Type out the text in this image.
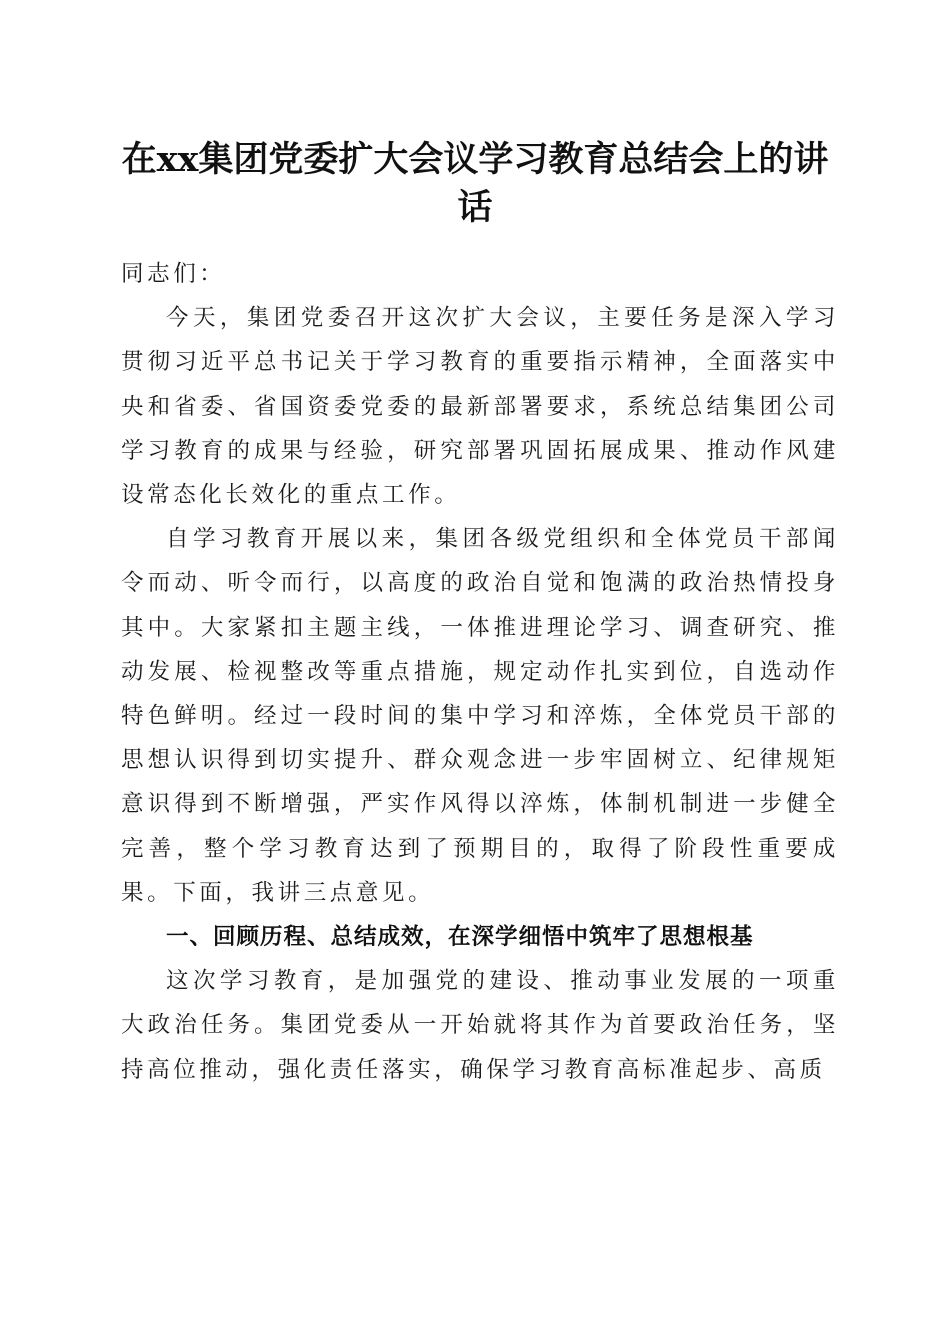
在xx集团党委扩大会议学习教育总结会上的讲话

同志们：

今天，集团党委召开这次扩大会议，主要任务是深入学习贯彻习近平总书记关于学习教育的重要指示精神，全面落实中央和省委、省国资委党委的最新部署要求，系统总结集团公司学习教育的成果与经验，研究部署巩固拓展成果、推动作风建设常态化长效化的重点工作。

自学习教育开展以来，集团各级党组织和全体党员干部闻令而动、听令而行，以高度的政治自觉和饱满的政治热情投身其中。大家紧扣主题主线，一体推进理论学习、调查研究、推动发展、检视整改等重点措施，规定动作扎实到位，自选动作特色鲜明。经过一段时间的集中学习和淬炼，全体党员干部的思想认识得到切实提升、群众观念进一步牢固树立、纪律规矩意识得到不断增强，严实作风得以淬炼，体制机制进一步健全完善，整个学习教育达到了预期目的，取得了阶段性重要成果。下面，我讲三点意见。

一、回顾历程、总结成效，在深学细悟中筑牢了思想根基

这次学习教育，是加强党的建设、推动事业发展的一项重大政治任务。集团党委从一开始就将其作为首要政治任务，坚持高位推动，强化责任落实，确保学习教育高标准起步、高质
